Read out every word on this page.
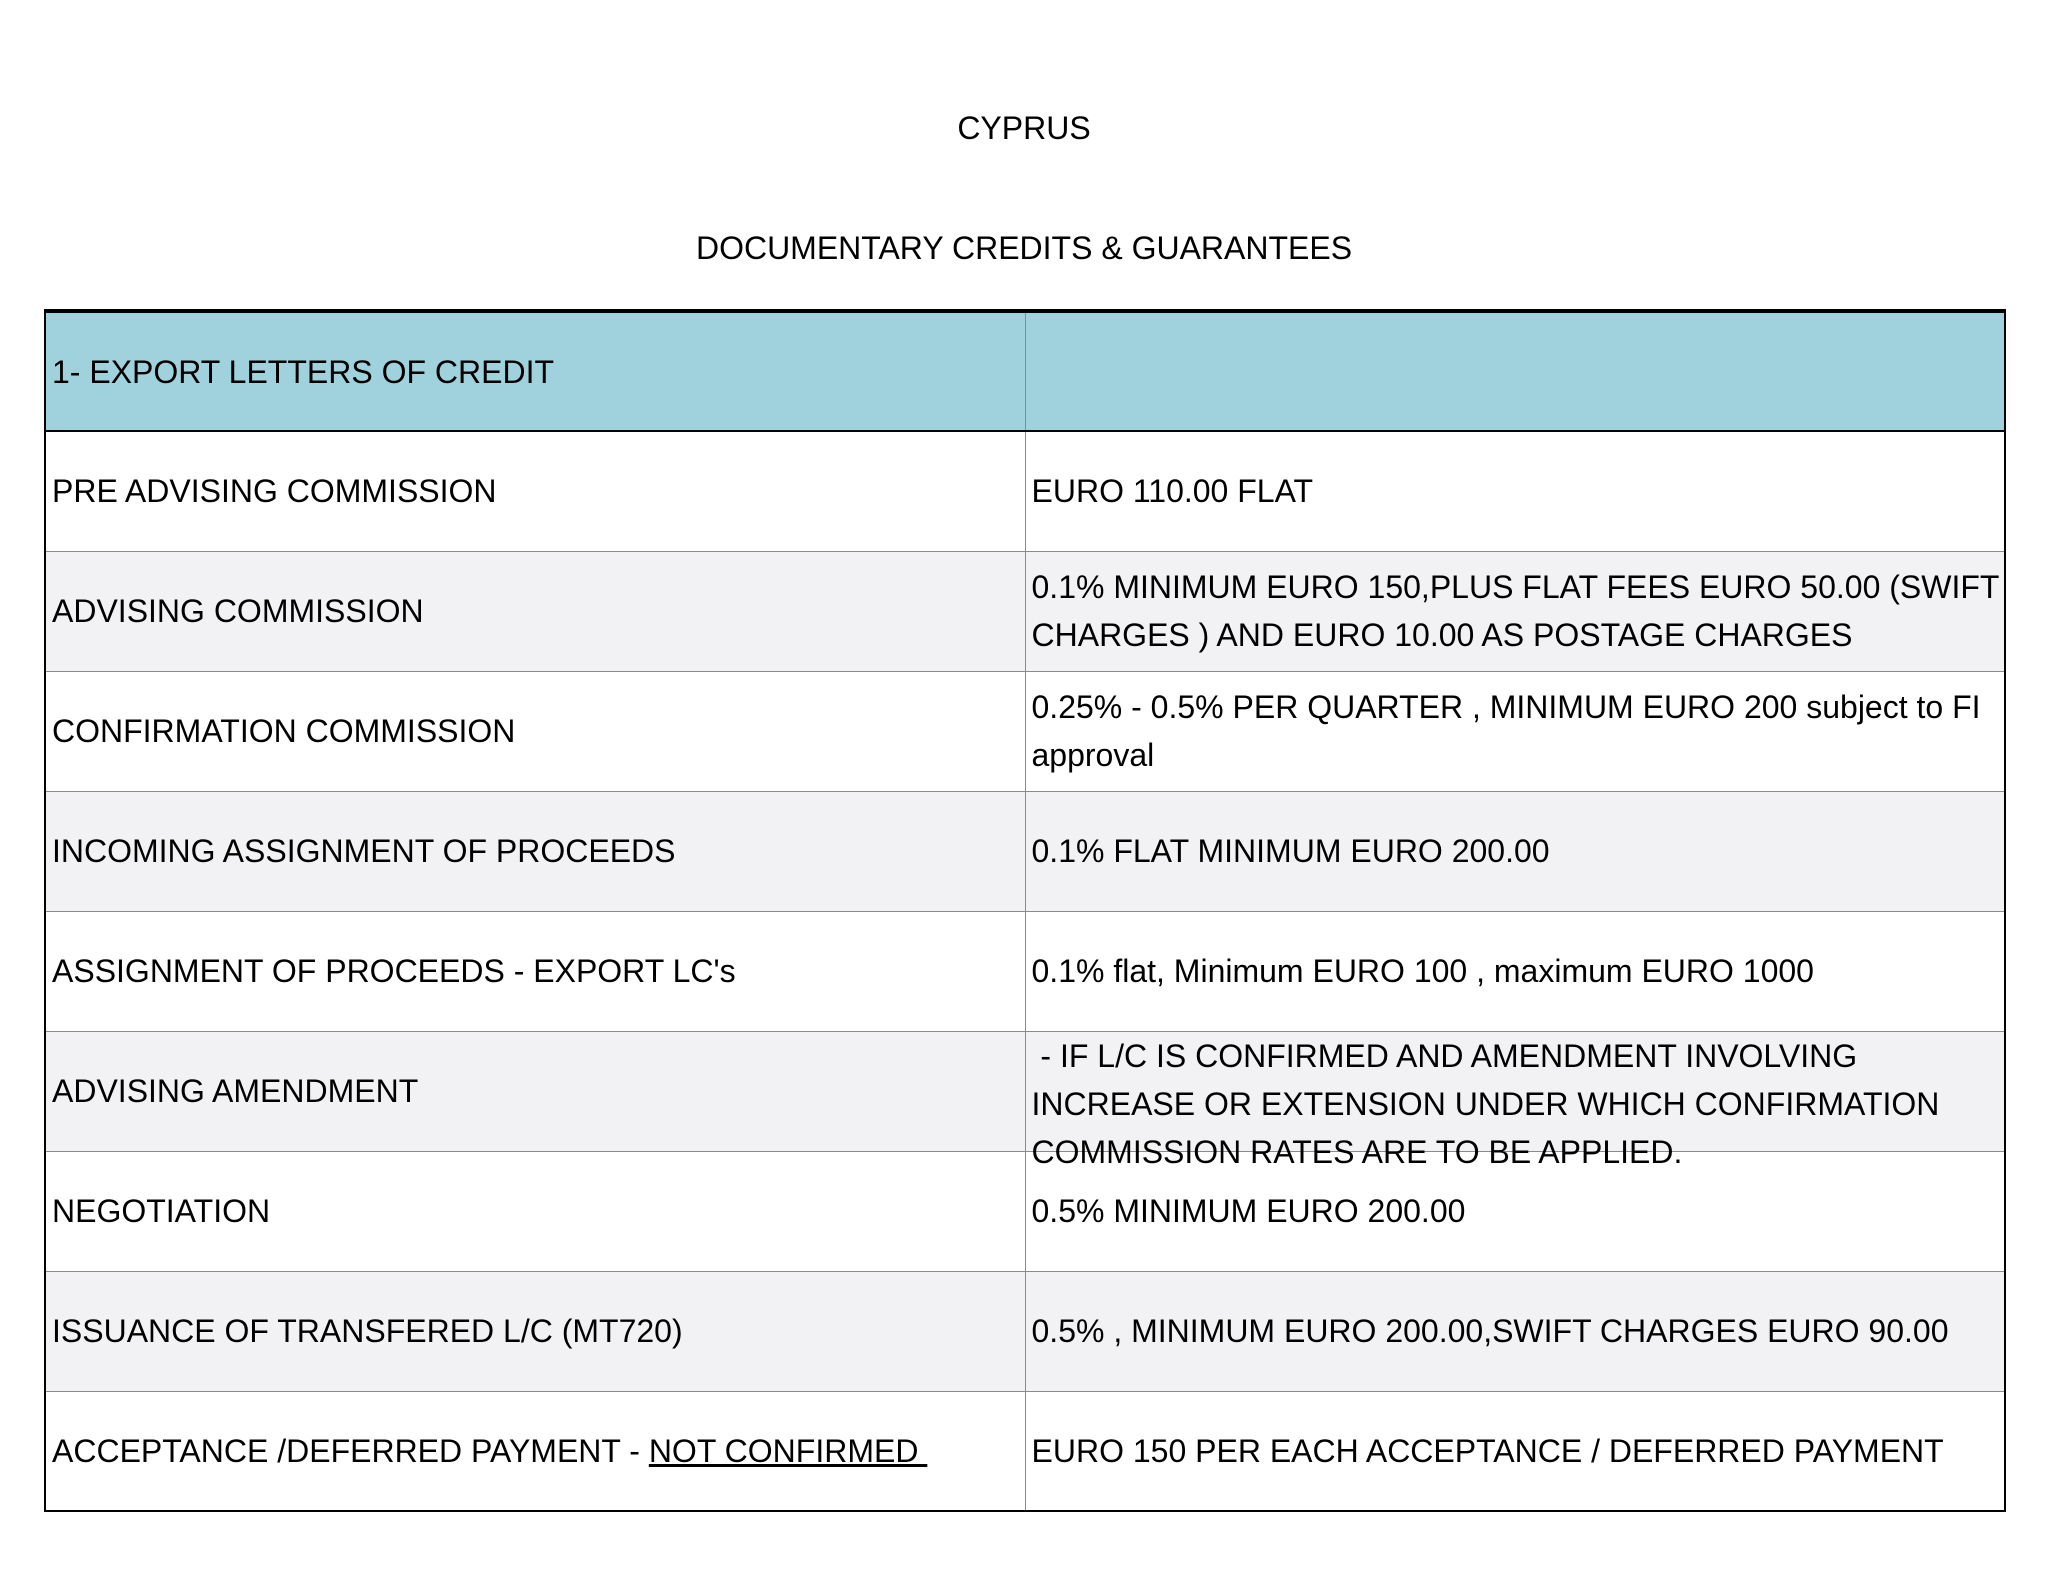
CYPRUS
DOCUMENTARY CREDITS & GUARANTEES
1- EXPORT LETTERS OF CREDIT	
PRE ADVISING COMMISSION	EURO 110.00 FLAT
ADVISING COMMISSION	0.1% MINIMUM EURO 150,PLUS FLAT FEES EURO 50.00 (SWIFT CHARGES ) AND EURO 10.00 AS POSTAGE CHARGES

CONFIRMATION COMMISSION	0.25% - 0.5% PER QUARTER , MINIMUM EURO 200 subject to FI approval

INCOMING ASSIGNMENT OF PROCEEDS	0.1% FLAT MINIMUM EURO 200.00
ASSIGNMENT OF PROCEEDS - EXPORT LC's	0.1% flat, Minimum EURO 100 , maximum EURO 1000
ADVISING AMENDMENT	- IF L/C IS CONFIRMED AND AMENDMENT INVOLVING INCREASE OR EXTENSION UNDER WHICH CONFIRMATION COMMISSION RATES ARE TO BE APPLIED.

NEGOTIATION	0.5% MINIMUM EURO 200.00
ISSUANCE OF TRANSFERED L/C (MT720)	0.5% , MINIMUM EURO 200.00,SWIFT CHARGES EURO 90.00
ACCEPTANCE /DEFERRED PAYMENT - NOT CONFIRMED	EURO 150 PER EACH ACCEPTANCE / DEFERRED PAYMENT
